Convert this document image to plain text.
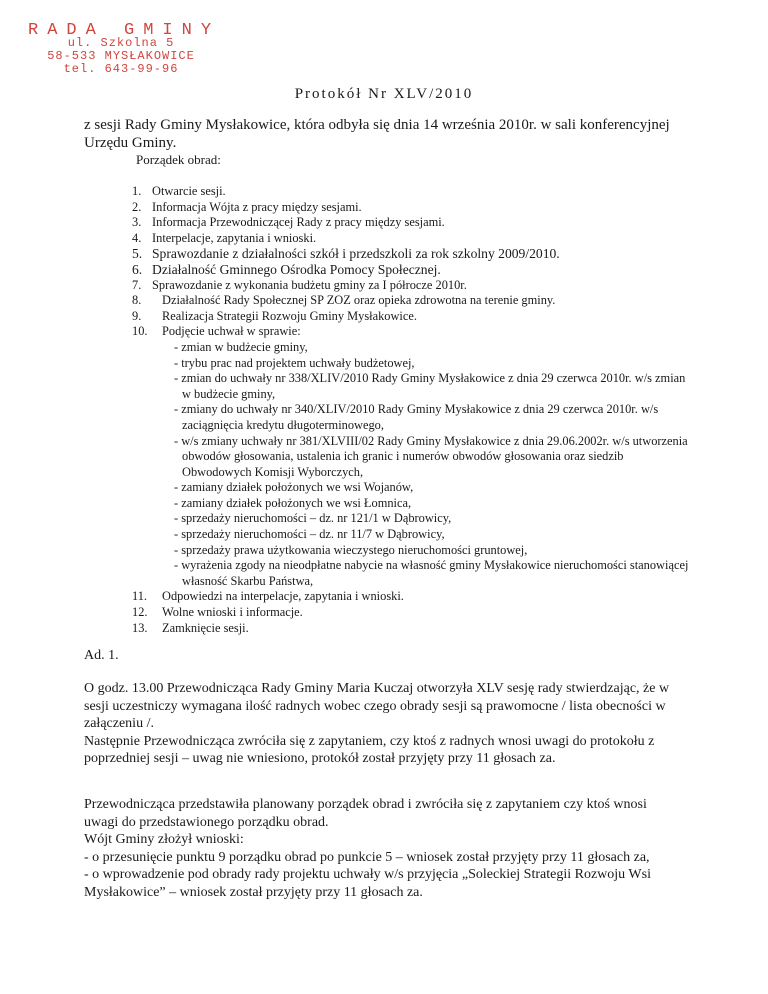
RADA GMINY
ul. Szkolna 5
58-533 MYSŁAKOWICE
tel. 643-99-96
Protokół Nr XLV/2010
z sesji Rady Gminy Mysłakowice, która odbyła się dnia 14 września 2010r. w sali konferencyjnej Urzędu Gminy.
Porządek obrad:
1. Otwarcie sesji.
2. Informacja Wójta z pracy między sesjami.
3. Informacja Przewodniczącej Rady z pracy między sesjami.
4. Interpelacje, zapytania i wnioski.
5. Sprawozdanie z działalności szkół i przedszkoli za rok szkolny 2009/2010.
6. Działalność Gminnego Ośrodka Pomocy Społecznej.
7. Sprawozdanie z wykonania budżetu gminy za I półrocze 2010r.
8.	Działalność Rady Społecznej SP ZOZ oraz opieka zdrowotna na terenie gminy.
9.	Realizacja Strategii Rozwoju Gminy Mysłakowice.
10.	Podjęcie uchwał w sprawie:
- zmian w budżecie gminy,
- trybu prac nad projektem uchwały budżetowej,
- zmian do uchwały nr 338/XLIV/2010 Rady Gminy Mysłakowice z dnia 29 czerwca 2010r. w/s zmian w budżecie gminy,
- zmiany do uchwały nr 340/XLIV/2010 Rady Gminy Mysłakowice z dnia 29 czerwca 2010r. w/s zaciągnięcia kredytu długoterminowego,
- w/s zmiany uchwały nr 381/XLVIII/02 Rady Gminy Mysłakowice z dnia 29.06.2002r. w/s utworzenia obwodów głosowania, ustalenia ich granic i numerów obwodów głosowania oraz siedzib Obwodowych Komisji Wyborczych,
- zamiany działek położonych we wsi Wojanów,
- zamiany działek położonych we wsi Łomnica,
- sprzedaży nieruchomości – dz. nr 121/1 w Dąbrowicy,
- sprzedaży nieruchomości – dz. nr 11/7 w Dąbrowicy,
- sprzedaży prawa użytkowania wieczystego nieruchomości gruntowej,
- wyrażenia zgody na nieodpłatne nabycie na własność gminy Mysłakowice nieruchomości stanowiącej własność Skarbu Państwa,
11.	Odpowiedzi na interpelacje, zapytania i wnioski.
12.	Wolne wnioski i informacje.
13.	Zamknięcie sesji.
Ad. 1.

O godz. 13.00 Przewodnicząca Rady Gminy Maria Kuczaj otworzyła XLV sesję rady stwierdzając, że w sesji uczestniczy wymagana ilość radnych wobec czego obrady sesji są prawomocne / lista obecności w załączeniu /.

Następnie Przewodnicząca zwróciła się z zapytaniem, czy ktoś z radnych wnosi uwagi do protokołu z poprzedniej sesji – uwag nie wniesiono, protokół został przyjęty przy 11 głosach za.

Przewodnicząca przedstawiła planowany porządek obrad i zwróciła się z zapytaniem czy ktoś wnosi uwagi do przedstawionego porządku obrad.

Wójt Gminy złożył wnioski:

- o przesunięcie punktu 9 porządku obrad po punkcie 5 – wniosek został przyjęty przy 11 głosach za,

- o wprowadzenie pod obrady rady projektu uchwały w/s przyjęcia „Soleckiej Strategii Rozwoju Wsi Mysłakowice” – wniosek został przyjęty przy 11 głosach za.
